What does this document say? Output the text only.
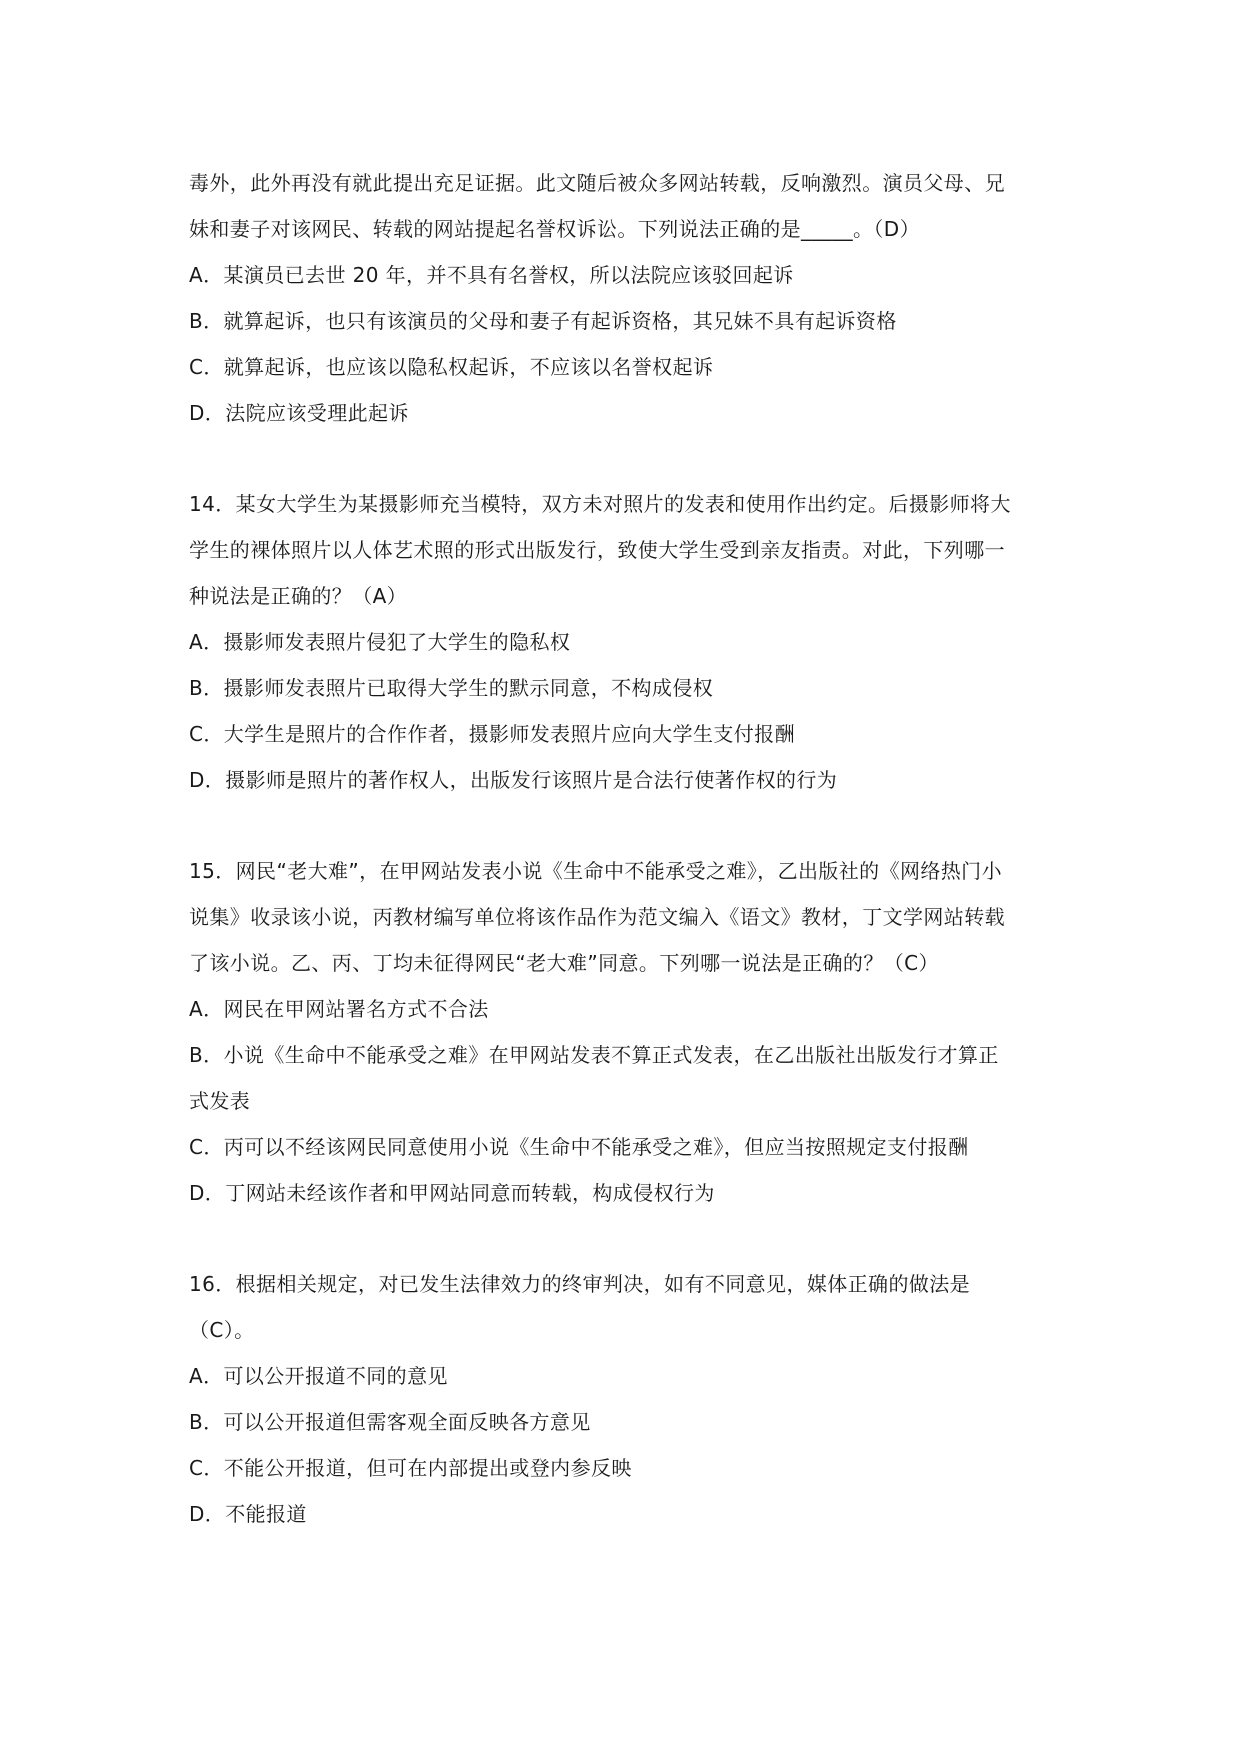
毒外，此外再没有就此提出充足证据。此文随后被众多网站转载，反响激烈。演员父母、兄
妹和妻子对该网民、转载的网站提起名誉权诉讼。下列说法正确的是_____。（D）
A．某演员已去世 20 年，并不具有名誉权，所以法院应该驳回起诉
B．就算起诉，也只有该演员的父母和妻子有起诉资格，其兄妹不具有起诉资格
C．就算起诉，也应该以隐私权起诉，不应该以名誉权起诉
D．法院应该受理此起诉
14．某女大学生为某摄影师充当模特，双方未对照片的发表和使用作出约定。后摄影师将大
学生的裸体照片以人体艺术照的形式出版发行，致使大学生受到亲友指责。对此，下列哪一
种说法是正确的？（A）
A．摄影师发表照片侵犯了大学生的隐私权
B．摄影师发表照片已取得大学生的默示同意，不构成侵权
C．大学生是照片的合作作者，摄影师发表照片应向大学生支付报酬
D．摄影师是照片的著作权人，出版发行该照片是合法行使著作权的行为
15．网民“老大难”，在甲网站发表小说《生命中不能承受之难》，乙出版社的《网络热门小
说集》收录该小说，丙教材编写单位将该作品作为范文编入《语文》教材，丁文学网站转载
了该小说。乙、丙、丁均未征得网民“老大难”同意。下列哪一说法是正确的？（C）
A．网民在甲网站署名方式不合法
B．小说《生命中不能承受之难》在甲网站发表不算正式发表，在乙出版社出版发行才算正
式发表
C．丙可以不经该网民同意使用小说《生命中不能承受之难》，但应当按照规定支付报酬
D．丁网站未经该作者和甲网站同意而转载，构成侵权行为
16．根据相关规定，对已发生法律效力的终审判决，如有不同意见，媒体正确的做法是
（C）。
A．可以公开报道不同的意见
B．可以公开报道但需客观全面反映各方意见
C．不能公开报道，但可在内部提出或登内参反映
D．不能报道
